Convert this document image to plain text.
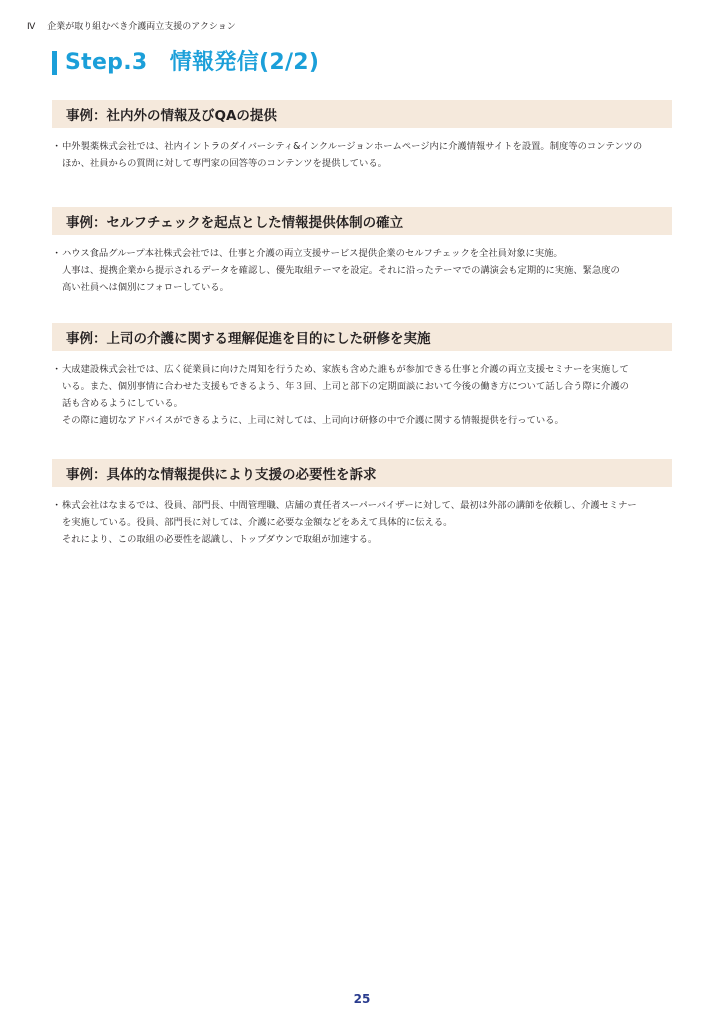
Ⅳ 企業が取り組むべき介護両立支援のアクション
Step.3　情報発信(2/2)
事例：社内外の情報及びQAの提供
・ 中外製薬株式会社では、社内イントラのダイバーシティ&インクルージョンホームページ内に介護情報サイトを設置。制度等のコンテンツの
ほか、社員からの質問に対して専門家の回答等のコンテンツを提供している。
事例：セルフチェックを起点とした情報提供体制の確立
・ ハウス食品グループ本社株式会社では、仕事と介護の両立支援サービス提供企業のセルフチェックを全社員対象に実施。
人事は、提携企業から提示されるデータを確認し、優先取組テーマを設定。それに沿ったテーマでの講演会も定期的に実施、緊急度の
高い社員へは個別にフォローしている。
事例：上司の介護に関する理解促進を目的にした研修を実施
・ 大成建設株式会社では、広く従業員に向けた周知を行うため、家族も含めた誰もが参加できる仕事と介護の両立支援セミナーを実施して
いる。また、個別事情に合わせた支援もできるよう、年３回、上司と部下の定期面談において今後の働き方について話し合う際に介護の
話も含めるようにしている。
その際に適切なアドバイスができるように、上司に対しては、上司向け研修の中で介護に関する情報提供を行っている。
事例：具体的な情報提供により支援の必要性を訴求
・ 株式会社はなまるでは、役員、部門長、中間管理職、店舗の責任者スーパーバイザーに対して、最初は外部の講師を依頼し、介護セミナー
を実施している。役員、部門長に対しては、介護に必要な金額などをあえて具体的に伝える。
それにより、この取組の必要性を認識し、トップダウンで取組が加速する。
25
